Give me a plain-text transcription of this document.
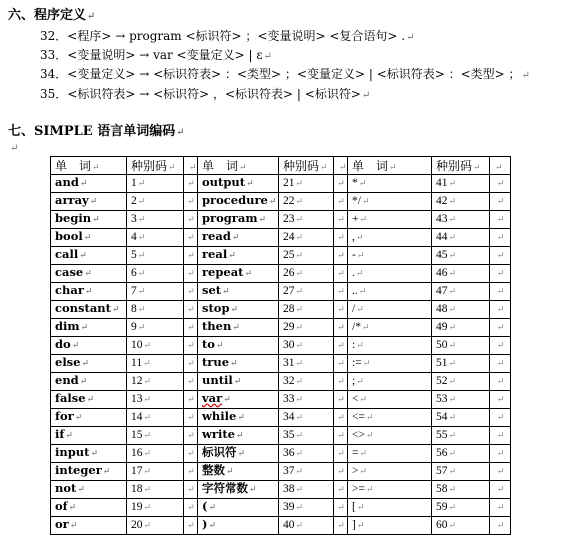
六、程序定义↵
32．<程序> → program <标识符> ；<变量说明> <复合语句> .↵
33．<变量说明> → var <变量定义> | ε↵
34．<变量定义> → <标识符表> ：<类型> ；<变量定义> | <标识符表> ：<类型> ；↵
35．<标识符表> → <标识符> ，<标识符表> | <标识符>↵
七、SIMPLE 语言单词编码↵
↵
单　词↵	种别码↵	↵	单　词↵	种别码↵	↵	单　词↵	种别码↵	↵
and↵	1↵	↵	output↵	21↵	↵	*↵	41↵	↵
array↵	2↵	↵	procedure↵	22↵	↵	*/↵	42↵	↵
begin↵	3↵	↵	program↵	23↵	↵	+↵	43↵	↵
bool↵	4↵	↵	read↵	24↵	↵	,↵	44↵	↵
call↵	5↵	↵	real↵	25↵	↵	-↵	45↵	↵
case↵	6↵	↵	repeat↵	26↵	↵	.↵	46↵	↵
char↵	7↵	↵	set↵	27↵	↵	..↵	47↵	↵
constant↵	8↵	↵	stop↵	28↵	↵	/↵	48↵	↵
dim↵	9↵	↵	then↵	29↵	↵	/*↵	49↵	↵
do↵	10↵	↵	to↵	30↵	↵	:↵	50↵	↵
else↵	11↵	↵	true↵	31↵	↵	:=↵	51↵	↵
end↵	12↵	↵	until↵	32↵	↵	;↵	52↵	↵
false↵	13↵	↵	var↵	33↵	↵	<↵	53↵	↵
for↵	14↵	↵	while↵	34↵	↵	<=↵	54↵	↵
if↵	15↵	↵	write↵	35↵	↵	<>↵	55↵	↵
input↵	16↵	↵	标识符↵	36↵	↵	=↵	56↵	↵
integer↵	17↵	↵	整数↵	37↵	↵	>↵	57↵	↵
not↵	18↵	↵	字符常数↵	38↵	↵	>=↵	58↵	↵
of↵	19↵	↵	(↵	39↵	↵	[↵	59↵	↵
or↵	20↵	↵	)↵	40↵	↵	]↵	60↵	↵
